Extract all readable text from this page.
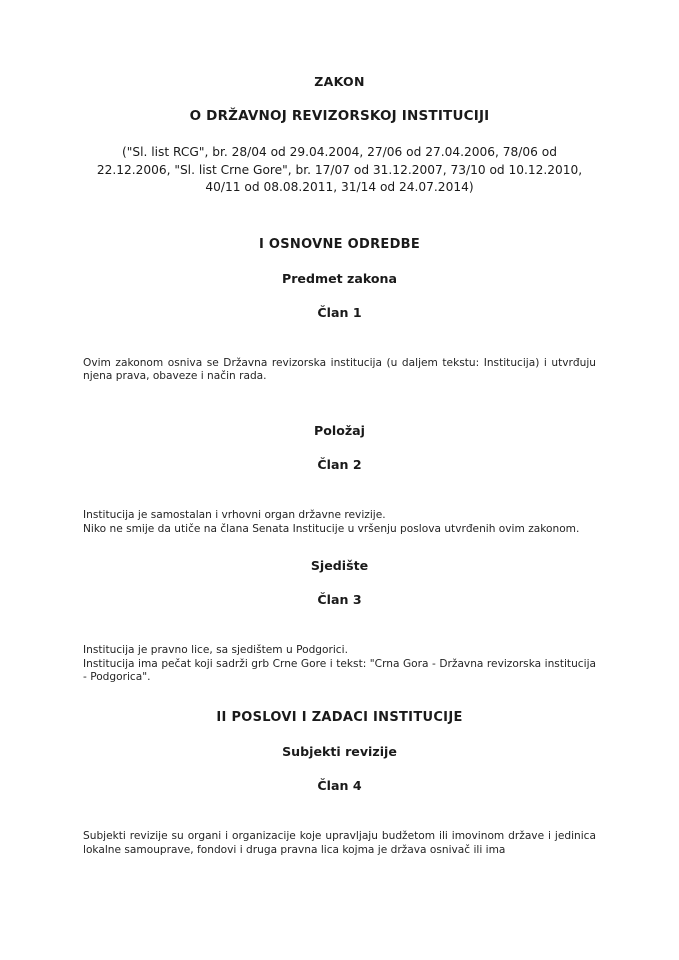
ZAKON
O DRŽAVNOJ REVIZORSKOJ INSTITUCIJI

("Sl. list RCG", br. 28/04 od 29.04.2004, 27/06 od 27.04.2006, 78/06 od 22.12.2006, "Sl. list Crne Gore", br. 17/07 od 31.12.2007, 73/10 od 10.12.2010, 40/11 od 08.08.2011, 31/14 od 24.07.2014)

I OSNOVNE ODREDBE
Predmet zakona
Član 1

Ovim zakonom osniva se Državna revizorska institucija (u daljem tekstu: Institucija) i utvrđuju njena prava, obaveze i način rada.

Položaj
Član 2

Institucija je samostalan i vrhovni organ državne revizije.

Niko ne smije da utiče na člana Senata Institucije u vršenju poslova utvrđenih ovim zakonom.

Sjedište
Član 3

Institucija je pravno lice, sa sjedištem u Podgorici.

Institucija ima pečat koji sadrži grb Crne Gore i tekst: "Crna Gora - Državna revizorska institucija - Podgorica".

II POSLOVI I ZADACI INSTITUCIJE
Subjekti revizije
Član 4

Subjekti revizije su organi i organizacije koje upravljaju budžetom ili imovinom države i jedinica lokalne samouprave, fondovi i druga pravna lica kojma je država osnivač ili ima
